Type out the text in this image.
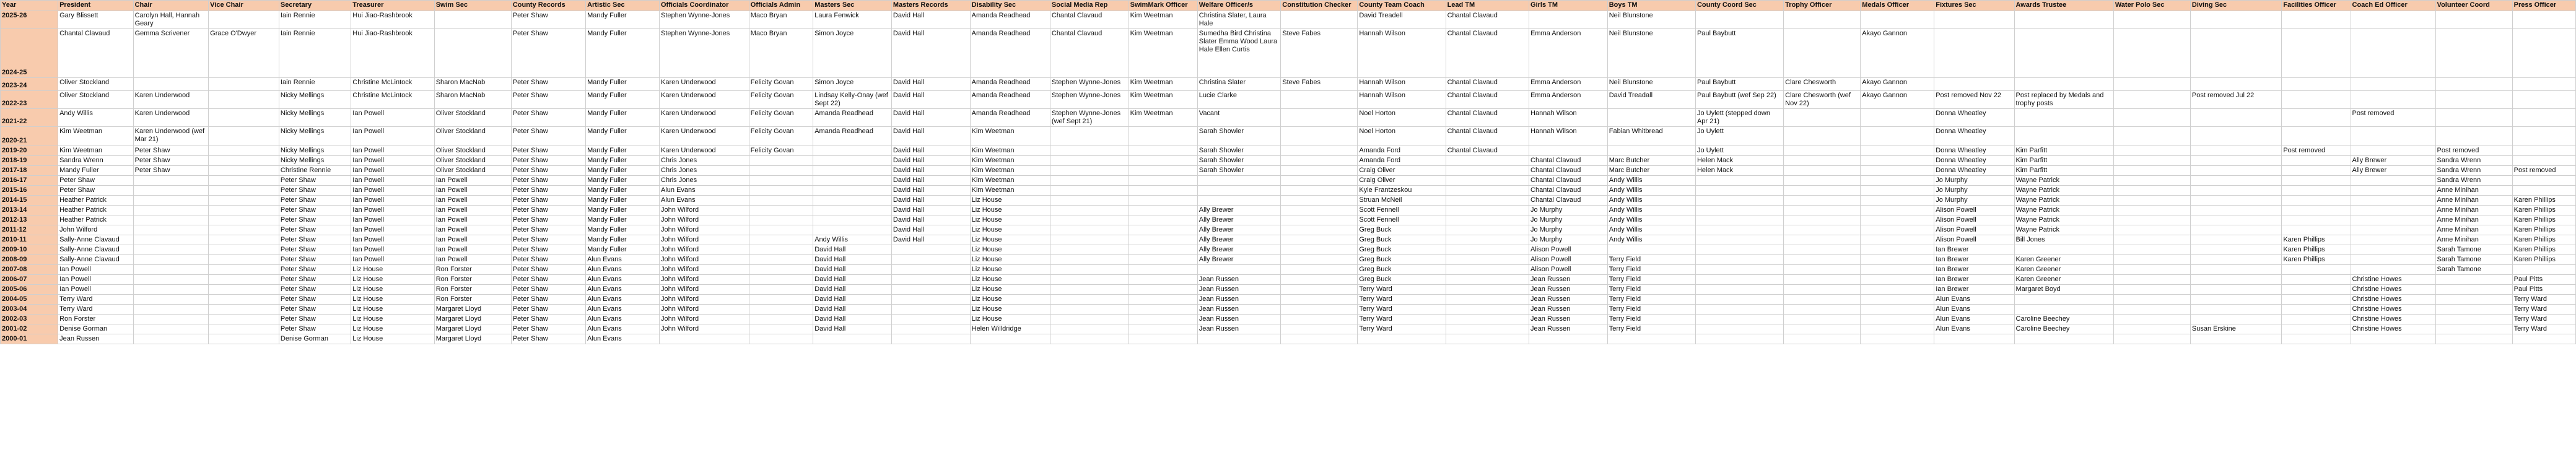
Year	President	Chair	Vice Chair	Secretary	Treasurer	Swim Sec	County Records	Artistic Sec	Officials Coordinator	Officials Admin	Masters Sec	Masters Records	Disability Sec	Social Media Rep	SwimMark Officer	Welfare Officer/s	Constitution Checker	County Team Coach	Lead TM	Girls TM	Boys TM	County Coord Sec	Trophy Officer	Medals Officer	Fixtures Sec	Awards Trustee	Water Polo Sec	Diving Sec	Facilities Officer	Coach Ed Officer	Volunteer Coord	Press Officer
2025-26	Gary Blissett	Carolyn Hall, Hannah Geary		Iain Rennie	Hui Jiao-Rashbrook		Peter Shaw	Mandy Fuller	Stephen Wynne-Jones	Maco Bryan	Laura Fenwick	David Hall	Amanda Readhead	Chantal Clavaud	Kim Weetman	Christina Slater, Laura Hale		David Treadell	Chantal Clavaud		Neil Blunstone											
2024-25	Chantal Clavaud	Gemma Scrivener	Grace O'Dwyer	Iain Rennie	Hui Jiao-Rashbrook		Peter Shaw	Mandy Fuller	Stephen Wynne-Jones	Maco Bryan	Simon Joyce	David Hall	Amanda Readhead	Chantal Clavaud	Kim Weetman	Sumedha Bird Christina Slater Emma Wood Laura Hale Ellen Curtis	Steve Fabes	Hannah Wilson	Chantal Clavaud	Emma Anderson	Neil Blunstone	Paul Baybutt		Akayo Gannon								
2023-24	Oliver Stockland			Iain Rennie	Christine McLintock	Sharon MacNab	Peter Shaw	Mandy Fuller	Karen Underwood	Felicity Govan	Simon Joyce	David Hall	Amanda Readhead	Stephen Wynne-Jones	Kim Weetman	Christina Slater	Steve Fabes	Hannah Wilson	Chantal Clavaud	Emma Anderson	Neil Blunstone	Paul Baybutt	Clare Chesworth	Akayo Gannon								
2022-23	Oliver Stockland	Karen Underwood		Nicky Mellings	Christine McLintock	Sharon MacNab	Peter Shaw	Mandy Fuller	Karen Underwood	Felicity Govan	Lindsay Kelly-Onay (wef Sept 22)	David Hall	Amanda Readhead	Stephen Wynne-Jones	Kim Weetman	Lucie Clarke		Hannah Wilson	Chantal Clavaud	Emma Anderson	David Treadall	Paul Baybutt (wef Sep 22)	Clare Chesworth (wef Nov 22)	Akayo Gannon	Post removed Nov 22	Post replaced by Medals and trophy posts		Post removed Jul 22				
2021-22	Andy Willis	Karen Underwood		Nicky Mellings	Ian Powell	Oliver Stockland	Peter Shaw	Mandy Fuller	Karen Underwood	Felicity Govan	Amanda Readhead	David Hall	Amanda Readhead	Stephen Wynne-Jones (wef Sept 21)	Kim Weetman	Vacant		Noel Horton	Chantal Clavaud	Hannah Wilson		Jo Uylett (stepped down Apr 21)			Donna Wheatley					Post removed		
2020-21	Kim Weetman	Karen Underwood (wef Mar 21)		Nicky Mellings	Ian Powell	Oliver Stockland	Peter Shaw	Mandy Fuller	Karen Underwood	Felicity Govan	Amanda Readhead	David Hall	Kim Weetman			Sarah Showler		Noel Horton	Chantal Clavaud	Hannah Wilson	Fabian Whitbread	Jo Uylett			Donna Wheatley							
2019-20	Kim Weetman	Peter Shaw		Nicky Mellings	Ian Powell	Oliver Stockland	Peter Shaw	Mandy Fuller	Karen Underwood	Felicity Govan		David Hall	Kim Weetman			Sarah Showler		Amanda Ford	Chantal Clavaud			Jo Uylett			Donna Wheatley	Kim Parfitt			Post removed		Post removed	
2018-19	Sandra Wrenn	Peter Shaw		Nicky Mellings	Ian Powell	Oliver Stockland	Peter Shaw	Mandy Fuller	Chris Jones			David Hall	Kim Weetman			Sarah Showler		Amanda Ford		Chantal Clavaud	Marc Butcher	Helen Mack			Donna Wheatley	Kim Parfitt				Ally Brewer	Sandra Wrenn	
2017-18	Mandy Fuller	Peter Shaw		Christine Rennie	Ian Powell	Oliver Stockland	Peter Shaw	Mandy Fuller	Chris Jones			David Hall	Kim Weetman			Sarah Showler		Craig Oliver		Chantal Clavaud	Marc Butcher	Helen Mack			Donna Wheatley	Kim Parfitt				Ally Brewer	Sandra Wrenn	Post removed
2016-17	Peter Shaw			Peter Shaw	Ian Powell	Ian Powell	Peter Shaw	Mandy Fuller	Chris Jones			David Hall	Kim Weetman					Craig Oliver		Chantal Clavaud	Andy Willis				Jo Murphy	Wayne Patrick					Sandra Wrenn	
2015-16	Peter Shaw			Peter Shaw	Ian Powell	Ian Powell	Peter Shaw	Mandy Fuller	Alun Evans			David Hall	Kim Weetman					Kyle Frantzeskou		Chantal Clavaud	Andy Willis				Jo Murphy	Wayne Patrick					Anne Minihan	
2014-15	Heather Patrick			Peter Shaw	Ian Powell	Ian Powell	Peter Shaw	Mandy Fuller	Alun Evans			David Hall	Liz House					Struan McNeil		Chantal Clavaud	Andy Willis				Jo Murphy	Wayne Patrick					Anne Minihan	Karen Phillips
2013-14	Heather Patrick			Peter Shaw	Ian Powell	Ian Powell	Peter Shaw	Mandy Fuller	John Wilford			David Hall	Liz House			Ally Brewer		Scott Fennell		Jo Murphy	Andy Willis				Alison Powell	Wayne Patrick					Anne Minihan	Karen Phillips
2012-13	Heather Patrick			Peter Shaw	Ian Powell	Ian Powell	Peter Shaw	Mandy Fuller	John Wilford			David Hall	Liz House			Ally Brewer		Scott Fennell		Jo Murphy	Andy Willis				Alison Powell	Wayne Patrick					Anne Minihan	Karen Phillips
2011-12	John Wilford			Peter Shaw	Ian Powell	Ian Powell	Peter Shaw	Mandy Fuller	John Wilford			David Hall	Liz House			Ally Brewer		Greg Buck		Jo Murphy	Andy Willis				Alison Powell	Wayne Patrick					Anne Minihan	Karen Phillips
2010-11	Sally-Anne Clavaud			Peter Shaw	Ian Powell	Ian Powell	Peter Shaw	Mandy Fuller	John Wilford		Andy Willis	David Hall	Liz House			Ally Brewer		Greg Buck		Jo Murphy	Andy Willis				Alison Powell	Bill Jones			Karen Phillips		Anne Minihan	Karen Phillips
2009-10	Sally-Anne Clavaud			Peter Shaw	Ian Powell	Ian Powell	Peter Shaw	Mandy Fuller	John Wilford		David Hall		Liz House			Ally Brewer		Greg Buck		Alison Powell					Ian Brewer				Karen Phillips		Sarah Tamone	Karen Phillips
2008-09	Sally-Anne Clavaud			Peter Shaw	Ian Powell	Ian Powell	Peter Shaw	Alun Evans	John Wilford		David Hall		Liz House			Ally Brewer		Greg Buck		Alison Powell	Terry Field				Ian Brewer	Karen Greener			Karen Phillips		Sarah Tamone	Karen Phillips
2007-08	Ian Powell			Peter Shaw	Liz House	Ron Forster	Peter Shaw	Alun Evans	John Wilford		David Hall		Liz House					Greg Buck		Alison Powell	Terry Field				Ian Brewer	Karen Greener					Sarah Tamone	
2006-07	Ian Powell			Peter Shaw	Liz House	Ron Forster	Peter Shaw	Alun Evans	John Wilford		David Hall		Liz House			Jean Russen		Greg Buck		Jean Russen	Terry Field				Ian Brewer	Karen Greener				Christine Howes		Paul Pitts
2005-06	Ian Powell			Peter Shaw	Liz House	Ron Forster	Peter Shaw	Alun Evans	John Wilford		David Hall		Liz House			Jean Russen		Terry Ward		Jean Russen	Terry Field				Ian Brewer	Margaret Boyd				Christine Howes		Paul Pitts
2004-05	Terry Ward			Peter Shaw	Liz House	Ron Forster	Peter Shaw	Alun Evans	John Wilford		David Hall		Liz House			Jean Russen		Terry Ward		Jean Russen	Terry Field				Alun Evans					Christine Howes		Terry Ward
2003-04	Terry Ward			Peter Shaw	Liz House	Margaret Lloyd	Peter Shaw	Alun Evans	John Wilford		David Hall		Liz House			Jean Russen		Terry Ward		Jean Russen	Terry Field				Alun Evans					Christine Howes		Terry Ward
2002-03	Ron Forster			Peter Shaw	Liz House	Margaret Lloyd	Peter Shaw	Alun Evans	John Wilford		David Hall		Liz House			Jean Russen		Terry Ward		Jean Russen	Terry Field				Alun Evans	Caroline Beechey				Christine Howes		Terry Ward
2001-02	Denise Gorman			Peter Shaw	Liz House	Margaret Lloyd	Peter Shaw	Alun Evans	John Wilford		David Hall		Helen Willdridge			Jean Russen		Terry Ward		Jean Russen	Terry Field				Alun Evans	Caroline Beechey		Susan Erskine		Christine Howes		Terry Ward
2000-01	Jean Russen			Denise Gorman	Liz House	Margaret Lloyd	Peter Shaw	Alun Evans																								
